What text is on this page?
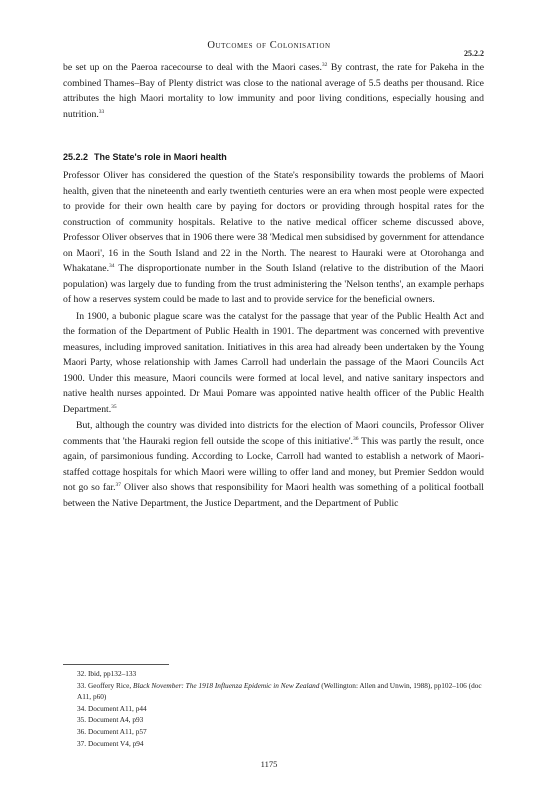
Outcomes of Colonisation
25.2.2

be set up on the Paeroa racecourse to deal with the Maori cases.$^{32}$ By contrast, the rate for Pakeha in the combined Thames–Bay of Plenty district was close to the national average of 5.5 deaths per thousand. Rice attributes the high Maori mortality to low immunity and poor living conditions, especially housing and nutrition.$^{33}$

25.2.2 The State's role in Maori health

Professor Oliver has considered the question of the State's responsibility towards the problems of Maori health, given that the nineteenth and early twentieth centuries were an era when most people were expected to provide for their own health care by paying for doctors or providing through hospital rates for the construction of community hospitals. Relative to the native medical officer scheme discussed above, Professor Oliver observes that in 1906 there were 38 'Medical men subsidised by government for attendance on Maori', 16 in the South Island and 22 in the North. The nearest to Hauraki were at Otorohanga and Whakatane.$^{34}$ The disproportionate number in the South Island (relative to the distribution of the Maori population) was largely due to funding from the trust administering the 'Nelson tenths', an example perhaps of how a reserves system could be made to last and to provide service for the beneficial owners.

In 1900, a bubonic plague scare was the catalyst for the passage that year of the Public Health Act and the formation of the Department of Public Health in 1901. The department was concerned with preventive measures, including improved sanitation. Initiatives in this area had already been undertaken by the Young Maori Party, whose relationship with James Carroll had underlain the passage of the Maori Councils Act 1900. Under this measure, Maori councils were formed at local level, and native sanitary inspectors and native health nurses appointed. Dr Maui Pomare was appointed native health officer of the Public Health Department.$^{35}$

But, although the country was divided into districts for the election of Maori councils, Professor Oliver comments that 'the Hauraki region fell outside the scope of this initiative'.$^{36}$ This was partly the result, once again, of parsimonious funding. According to Locke, Carroll had wanted to establish a network of Maori-staffed cottage hospitals for which Maori were willing to offer land and money, but Premier Seddon would not go so far.$^{37}$ Oliver also shows that responsibility for Maori health was something of a political football between the Native Department, the Justice Department, and the Department of Public

32. Ibid, pp132–133

33. Geoffery Rice, Black November: The 1918 Influenza Epidemic in New Zealand (Wellington: Allen and Unwin, 1988), pp102–106 (doc A11, p60)

34. Document A11, p44

35. Document A4, p93

36. Document A11, p57

37. Document V4, p94

1175
